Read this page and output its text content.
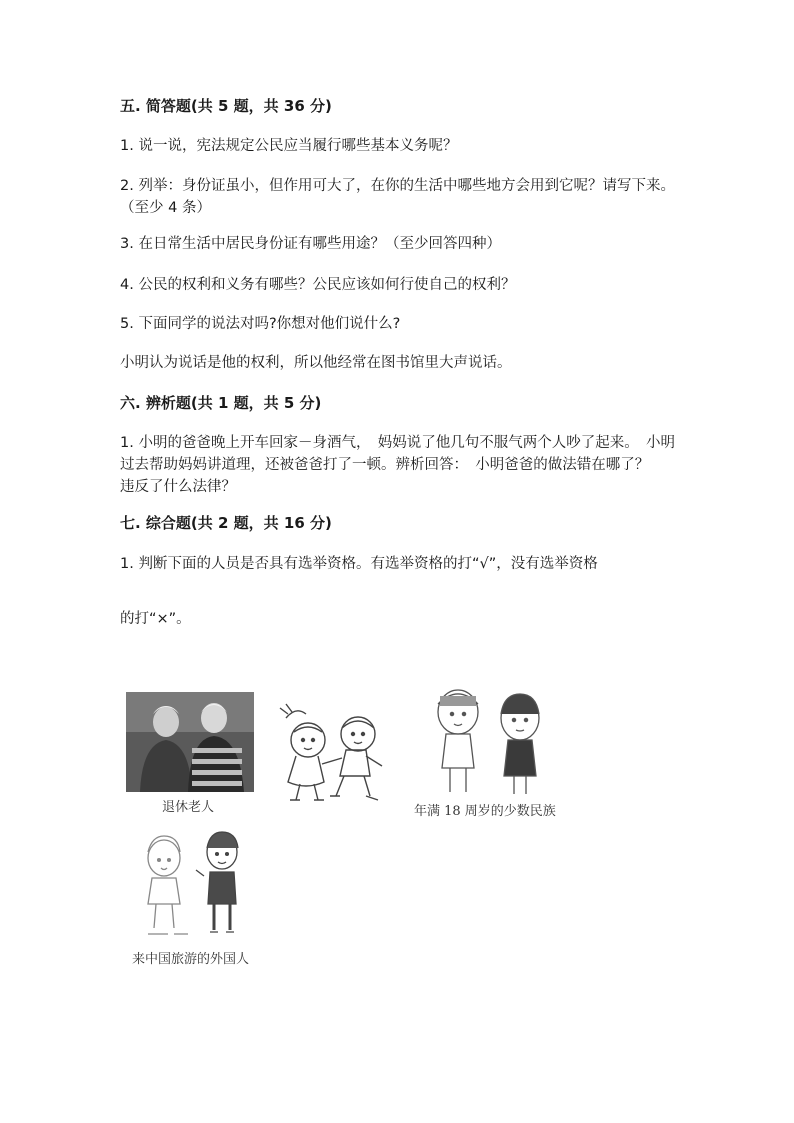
五. 简答题(共 5 题，共 36 分)
1. 说一说，宪法规定公民应当履行哪些基本义务呢？
2. 列举：身份证虽小，但作用可大了，在你的生活中哪些地方会用到它呢？请写下来。（至少 4 条）
3. 在日常生活中居民身份证有哪些用途？（至少回答四种）
4. 公民的权利和义务有哪些？公民应该如何行使自己的权利？
5. 下面同学的说法对吗?你想对他们说什么?
小明认为说话是他的权利，所以他经常在图书馆里大声说话。
六. 辨析题(共 1 题，共 5 分)
1. 小明的爸爸晚上开车回家－身酒气，　妈妈说了他几句不服气两个人吵了起来。　小明过去帮助妈妈讲道理，还被爸爸打了一顿。辨析回答：　小明爸爸的做法错在哪了？　违反了什么法律？
七. 综合题(共 2 题，共 16 分)
1. 判断下面的人员是否具有选举资格。有选举资格的打“√”，没有选举资格
的打“×”。
退休老人	年满 18 周岁的少数民族
来中国旅游的外国人
